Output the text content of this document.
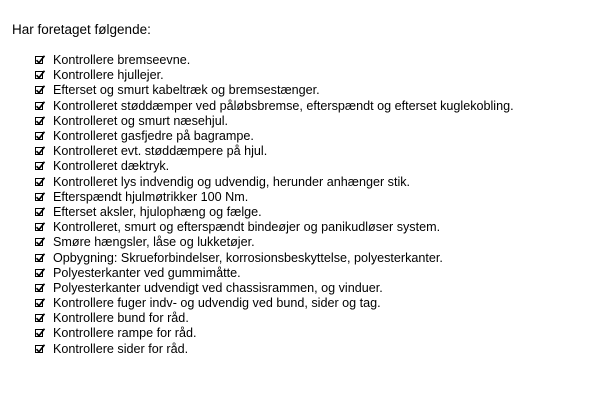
Har foretaget følgende:
Kontrollere bremseevne.
Kontrollere hjullejer.
Efterset og smurt kabeltræk og bremsestænger.
Kontrolleret støddæmper ved påløbsbremse, efterspændt og efterset kuglekobling.
Kontrolleret og smurt næsehjul.
Kontrolleret gasfjedre på bagrampe.
Kontrolleret evt. støddæmpere på hjul.
Kontrolleret dæktryk.
Kontrolleret lys indvendig og udvendig, herunder anhænger stik.
Efterspændt hjulmøtrikker 100 Nm.
Efterset aksler, hjulophæng og fælge.
Kontrolleret, smurt og efterspændt bindeøjer og panikudløser system.
Smøre hængsler, låse og lukketøjer.
Opbygning: Skrueforbindelser, korrosionsbeskyttelse, polyesterkanter.
Polyesterkanter ved gummimåtte.
Polyesterkanter udvendigt ved chassisrammen, og vinduer.
Kontrollere fuger indv- og udvendig ved bund, sider og tag.
Kontrollere bund for råd.
Kontrollere rampe for råd.
Kontrollere sider for råd.
